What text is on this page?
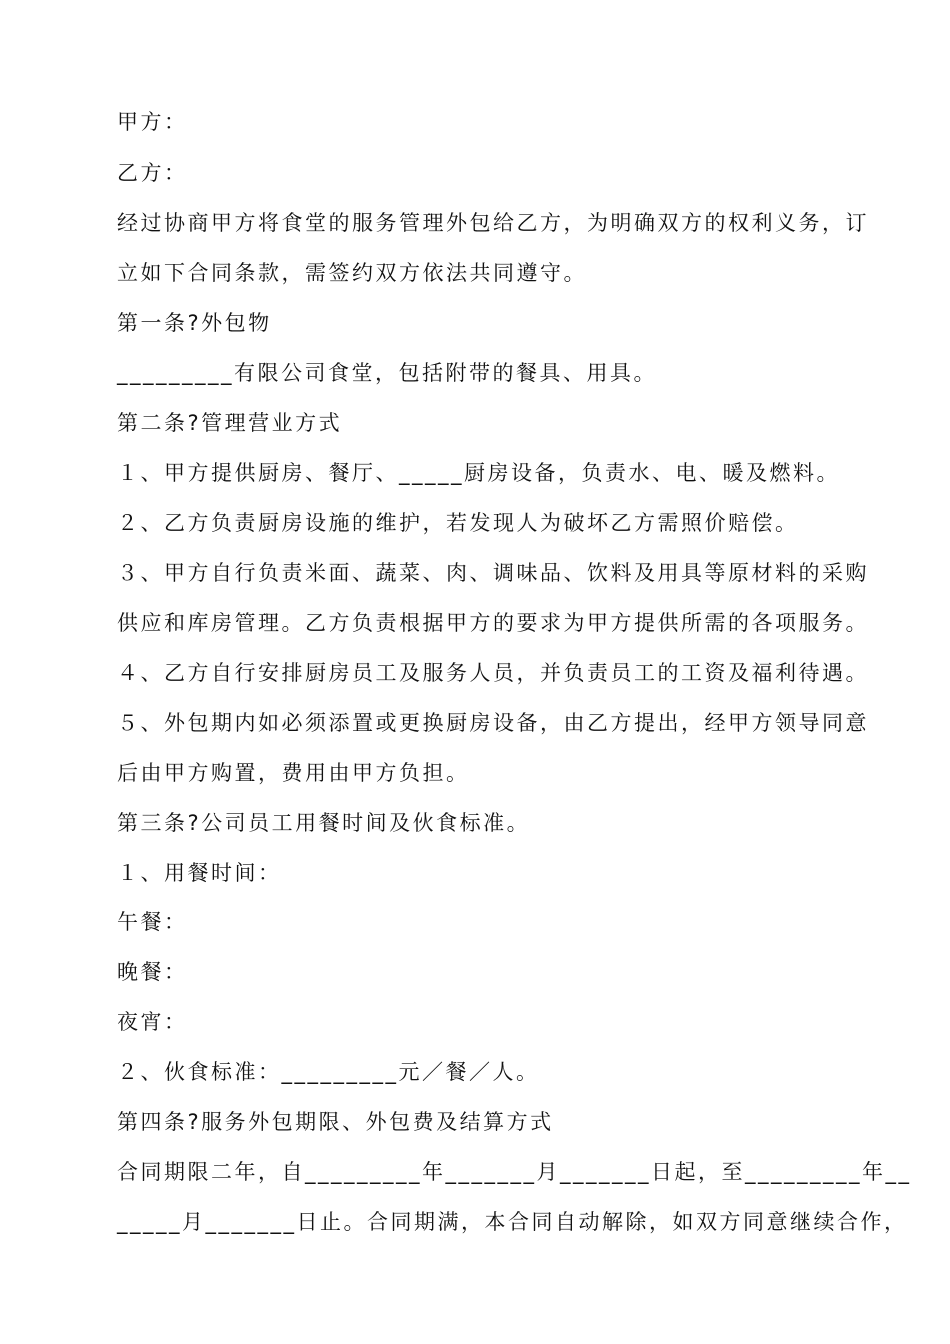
甲方：
乙方：
经过协商甲方将食堂的服务管理外包给乙方，为明确双方的权利义务，订
立如下合同条款，需签约双方依法共同遵守。
第一条?外包物
_________有限公司食堂，包括附带的餐具、用具。
第二条?管理营业方式
１、甲方提供厨房、餐厅、_____厨房设备，负责水、电、暖及燃料。
２、乙方负责厨房设施的维护，若发现人为破坏乙方需照价赔偿。
３、甲方自行负责米面、蔬菜、肉、调味品、饮料及用具等原材料的采购
供应和库房管理。乙方负责根据甲方的要求为甲方提供所需的各项服务。
４、乙方自行安排厨房员工及服务人员，并负责员工的工资及福利待遇。
５、外包期内如必须添置或更换厨房设备，由乙方提出，经甲方领导同意
后由甲方购置，费用由甲方负担。
第三条?公司员工用餐时间及伙食标准。
１、用餐时间：
午餐：
晚餐：
夜宵：
２、伙食标准：_________元／餐／人。
第四条?服务外包期限、外包费及结算方式
合同期限二年，自_________年_______月_______日起，至_________年__
_____月_______日止。合同期满，本合同自动解除，如双方同意继续合作，
